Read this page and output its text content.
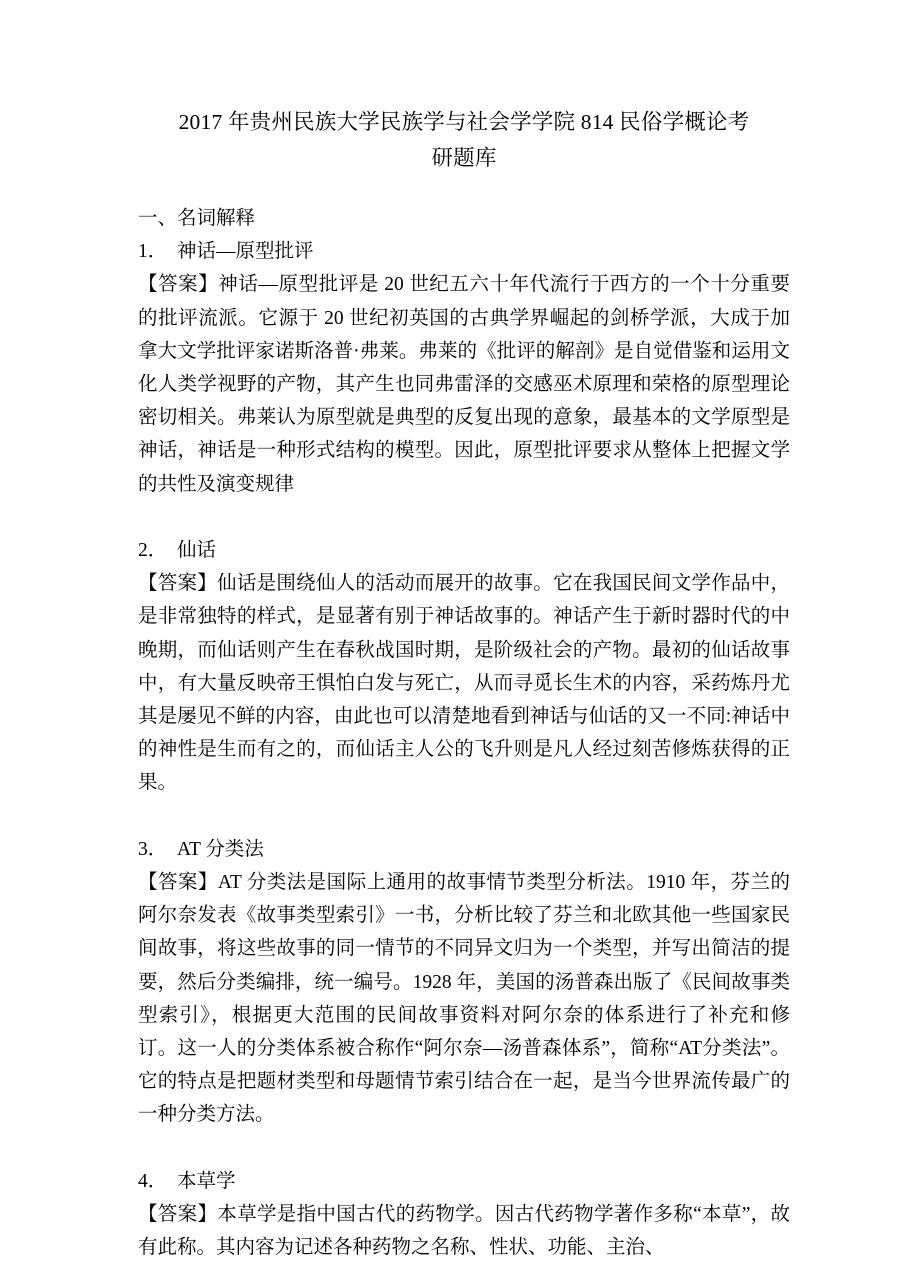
2017 年贵州民族大学民族学与社会学学院 814 民俗学概论考
研题库

一、名词解释

1．　 神话—原型批评

【答案】神话—原型批评是 20 世纪五六十年代流行于西方的一个十分重要的批评流派。它源于 20 世纪初英国的古典学界崛起的剑桥学派，大成于加拿大文学批评家诺斯洛普·弗莱。弗莱的《批评的解剖》是自觉借鉴和运用文化人类学视野的产物，其产生也同弗雷泽的交感巫术原理和荣格的原型理论密切相关。弗莱认为原型就是典型的反复出现的意象，最基本的文学原型是神话，神话是一种形式结构的模型。因此，原型批评要求从整体上把握文学的共性及演变规律

2．　 仙话

【答案】仙话是围绕仙人的活动而展开的故事。它在我国民间文学作品中，是非常独特的样式，是显著有别于神话故事的。神话产生于新时器时代的中晚期，而仙话则产生在春秋战国时期，是阶级社会的产物。最初的仙话故事中，有大量反映帝王惧怕白发与死亡，从而寻觅长生术的内容，采药炼丹尤其是屡见不鲜的内容，由此也可以清楚地看到神话与仙话的又一不同:神话中的神性是生而有之的，而仙话主人公的飞升则是凡人经过刻苦修炼获得的正果。

3．　 AT 分类法

【答案】AT 分类法是国际上通用的故事情节类型分析法。1910 年，芬兰的阿尔奈发表《故事类型索引》一书，分析比较了芬兰和北欧其他一些国家民间故事，将这些故事的同一情节的不同异文归为一个类型，并写出简洁的提要，然后分类编排，统一编号。1928 年，美国的汤普森出版了《民间故事类型索引》，根据更大范围的民间故事资料对阿尔奈的体系进行了补充和修订。这一人的分类体系被合称作“阿尔奈—汤普森体系”，简称“AT分类法”。它的特点是把题材类型和母题情节索引结合在一起，是当今世界流传最广的一种分类方法。

4．　 本草学

【答案】本草学是指中国古代的药物学。因古代药物学著作多称“本草”，故有此称。其内容为记述各种药物之名称、性状、功能、主治、
